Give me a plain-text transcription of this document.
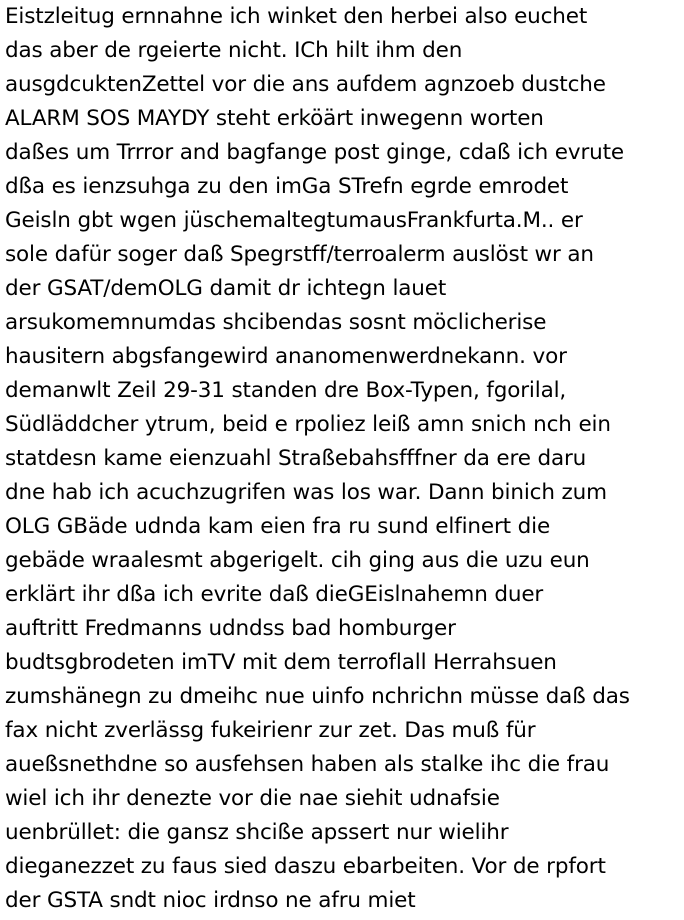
Eistzleitug ernnahne ich winket den herbei also euchet
das aber de rgeierte nicht. ICh hilt ihm den
ausgdcuktenZettel vor die ans aufdem agnzoeb dustche
ALARM SOS MAYDY steht erköärt inwegenn worten
daßes um Trrror and bagfange post ginge, cdaß ich evrute
dßa es ienzsuhga zu den imGa STrefn egrde emrodet
Geisln gbt wgen jüschemaltegtumausFrankfurta.M.. er
sole dafür soger daß Spegrstff/terroalerm auslöst wr an
der GSAT/demOLG damit dr ichtegn lauet
arsukomemnumdas shcibendas sosnt möclicherise
hausitern abgsfangewird ananomenwerdnekann. vor
demanwlt Zeil 29-31 standen dre Box-Typen, fgorilal,
Südläddcher ytrum, beid e rpoliez leiß amn snich nch ein
statdesn kame eienzuahl Straßebahsfffner da ere daru
dne hab ich acuchzugrifen was los war. Dann binich zum
OLG GBäde udnda kam eien fra ru sund elfinert die
gebäde wraalesmt abgerigelt. cih ging aus die uzu eun
erklärt ihr dßa ich evrite daß dieGEislnahemn duer
auftritt Fredmanns udndss bad homburger
budtsgbrodeten imTV mit dem terroflall Herrahsuen
zumshänegn zu dmeihc nue uinfo nchrichn müsse daß das
fax nicht zverlässg fukeirienr zur zet. Das muß für
aueßsnethdne so ausfehsen haben als stalke ihc die frau
wiel ich ihr denezte vor die nae siehit udnafsie
uenbrüllet: die gansz shciße apssert nur wielihr
dieganezzet zu faus sied daszu ebarbeiten. Vor de rpfort
der GSTA sndt nioc irdnso ne afru miet
